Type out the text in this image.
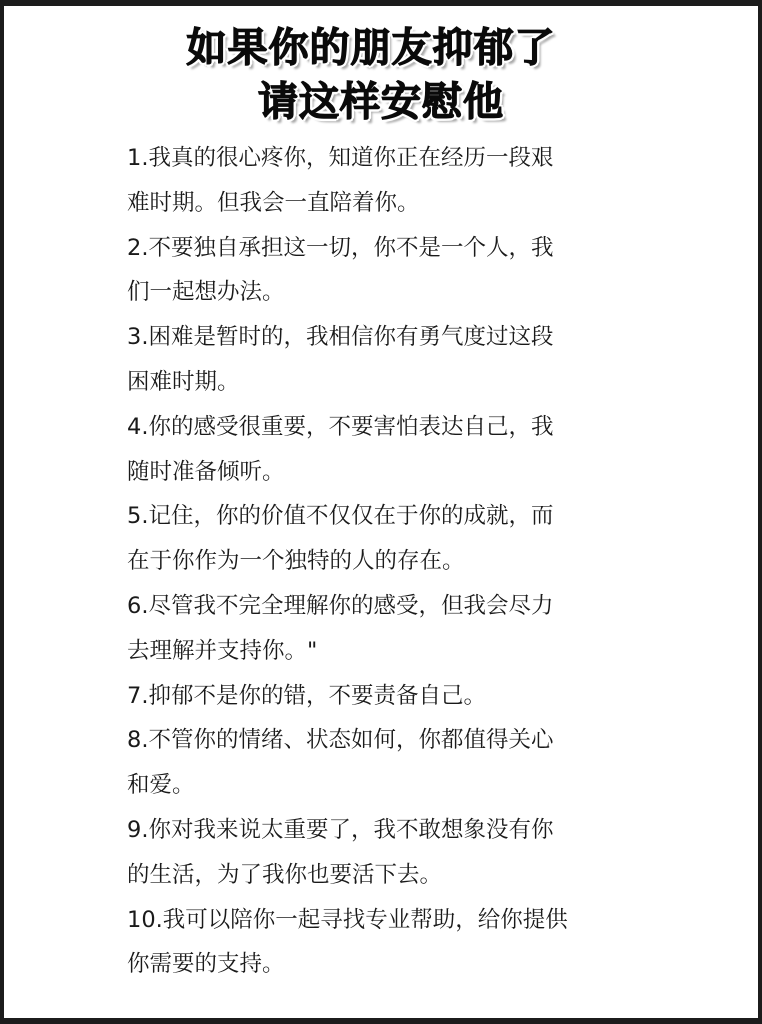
如果你的朋友抑郁了
请这样安慰他
1.我真的很心疼你，知道你正在经历一段艰
难时期。但我会一直陪着你。
2.不要独自承担这一切，你不是一个人，我
们一起想办法。
3.困难是暂时的，我相信你有勇气度过这段
困难时期。
4.你的感受很重要，不要害怕表达自己，我
随时准备倾听。
5.记住，你的价值不仅仅在于你的成就，而
在于你作为一个独特的人的存在。
6.尽管我不完全理解你的感受，但我会尽力
去理解并支持你。"
7.抑郁不是你的错，不要责备自己。
8.不管你的情绪、状态如何，你都值得关心
和爱。
9.你对我来说太重要了，我不敢想象没有你
的生活，为了我你也要活下去。
10.我可以陪你一起寻找专业帮助，给你提供
你需要的支持。
